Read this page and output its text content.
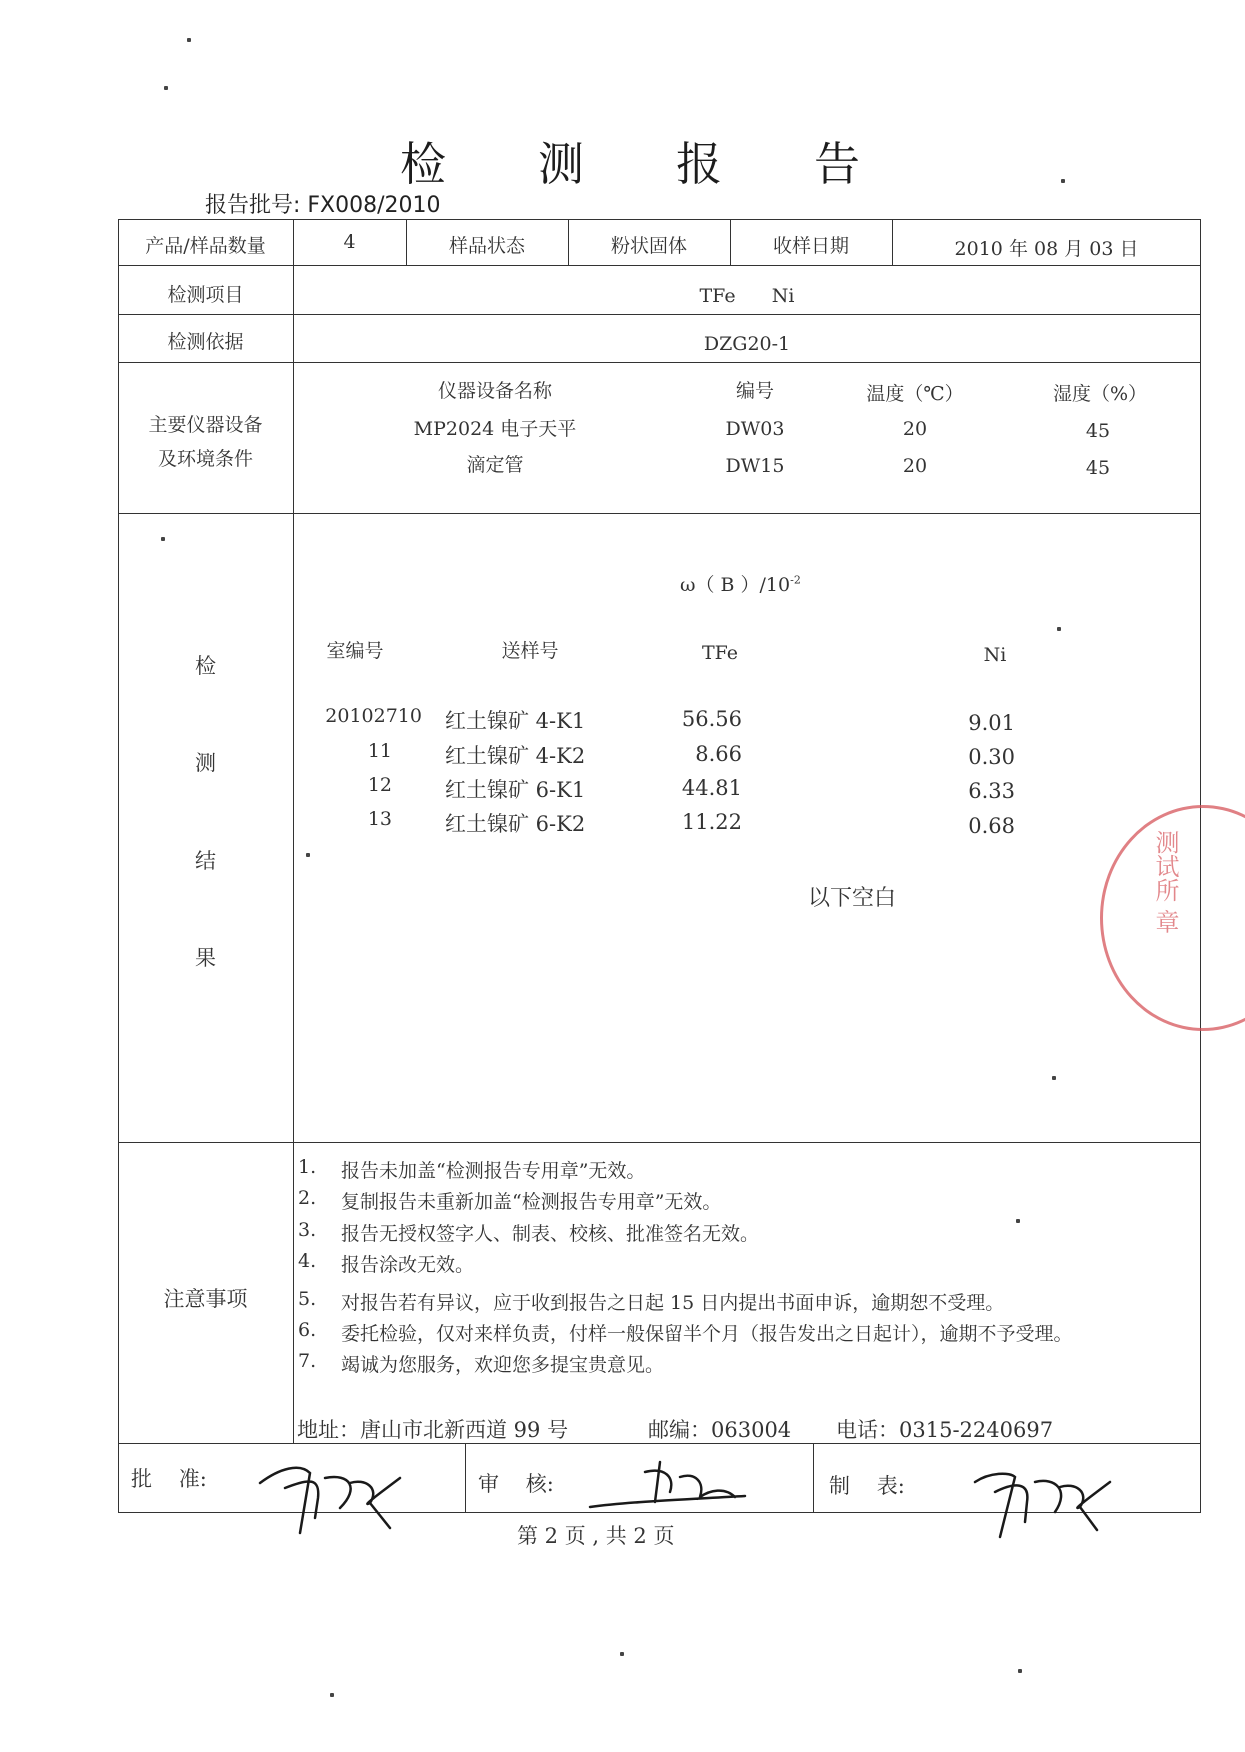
检 测 报 告
报告批号: FX008/2010
产品/样品数量	4	样品状态	粉状固体	收样日期	2010 年 08 月 03 日
检测项目	TFe      Ni
检测依据	DZG20-1
主要仪器设备
及环境条件
仪器设备名称	编号	温度（℃）	湿度（%）
MP2024 电子天平	DW03	20	45
滴定管	DW15	20	45
检
测
结
果
ω（ B ）$/10^{-2}$
室编号	送样号	TFe	Ni
20102710 红土镍矿 4-K1	56.56	9.01
11	红土镍矿 4-K2	8.66	0.30
12	红土镍矿 6-K1	44.81	6.33
13	红土镍矿 6-K2	11.22	0.68
以下空白
注意事项
1. 报告未加盖“检测报告专用章”无效。
2. 复制报告未重新加盖“检测报告专用章”无效。
3. 报告无授权签字人、制表、校核、批准签名无效。
4. 报告涂改无效。
5. 对报告若有异议，应于收到报告之日起 15 日内提出书面申诉，逾期恕不受理。
6. 委托检验，仅对来样负责，付样一般保留半个月（报告发出之日起计），逾期不予受理。
7. 竭诚为您服务，欢迎您多提宝贵意见。
地址：唐山市北新西道 99 号	邮编：063004 电话：0315-2240697
批    准:	审    核:	制    表:
第 2 页 , 共 2 页
测试所 章
